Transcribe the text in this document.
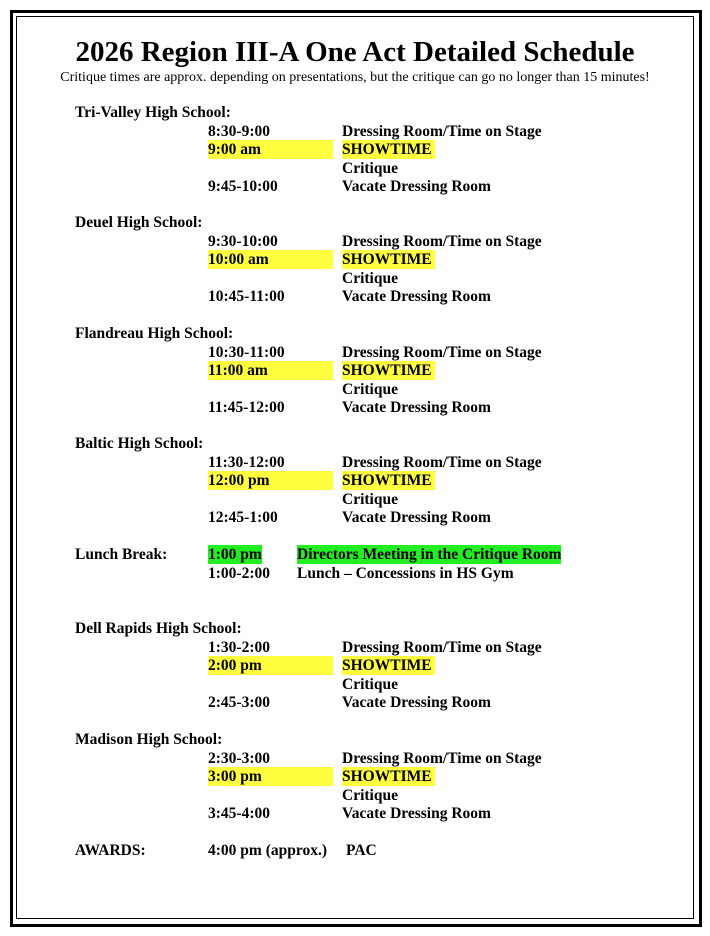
2026 Region III-A One Act Detailed Schedule
Critique times are approx. depending on presentations, but the critique can go no longer than 15 minutes!
Tri-Valley High School:
8:30-9:00	Dressing Room/Time on Stage
9:00 am	SHOWTIME
Critique
9:45-10:00	Vacate Dressing Room
Deuel High School:
9:30-10:00	Dressing Room/Time on Stage
10:00 am	SHOWTIME
Critique
10:45-11:00	Vacate Dressing Room
Flandreau High School:
10:30-11:00	Dressing Room/Time on Stage
11:00 am	SHOWTIME
Critique
11:45-12:00	Vacate Dressing Room
Baltic High School:
11:30-12:00	Dressing Room/Time on Stage
12:00 pm	SHOWTIME
Critique
12:45-1:00	Vacate Dressing Room
Dell Rapids High School:
1:30-2:00	Dressing Room/Time on Stage
2:00 pm	SHOWTIME
Critique
2:45-3:00	Vacate Dressing Room
Madison High School:
2:30-3:00	Dressing Room/Time on Stage
3:00 pm	SHOWTIME
Critique
3:45-4:00	Vacate Dressing Room
Lunch Break:	1:00 pm Directors Meeting in the Critique Room
1:00-2:00 Lunch – Concessions in HS Gym
AWARDS:	4:00 pm (approx.) PAC
